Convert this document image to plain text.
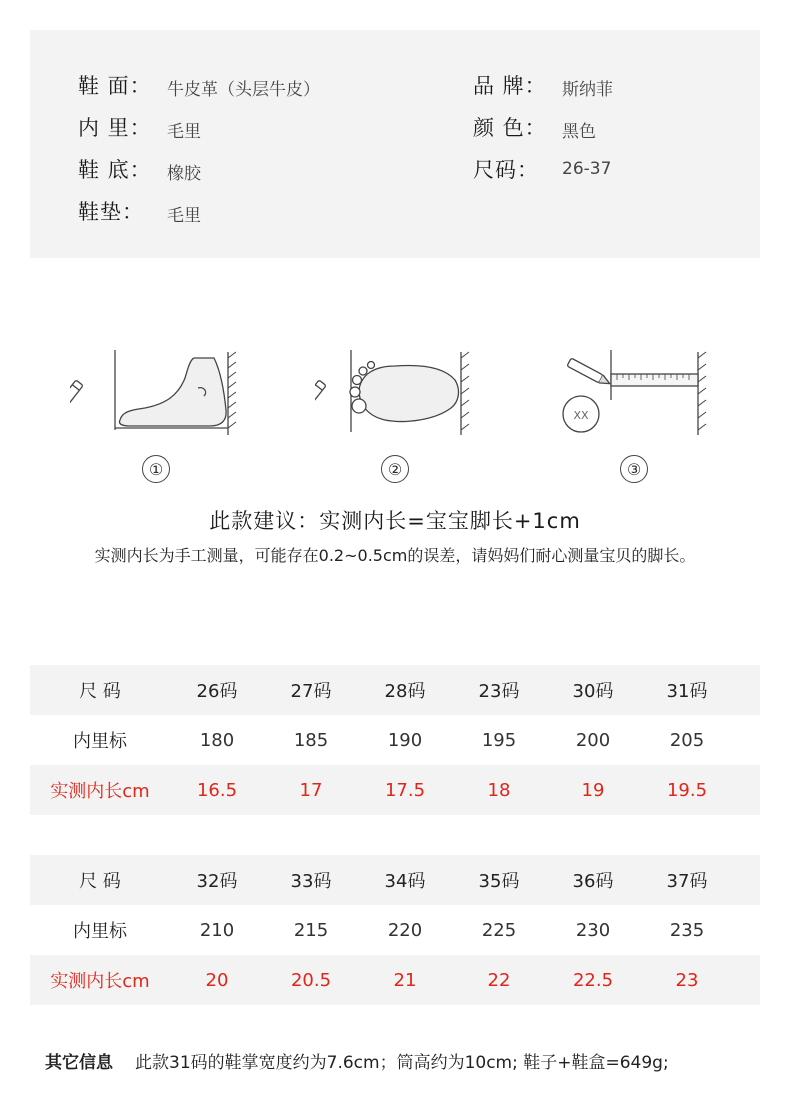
鞋 面： 牛皮革（头层牛皮）	品 牌： 斯纳菲
内 里： 毛里	颜 色： 黑色
鞋 底： 橡胶	尺码： 26-37
鞋垫： 毛里
XX
①	②	③
此款建议：实测内长=宝宝脚长+1cm
实测内长为手工测量，可能存在0.2~0.5cm的误差，请妈妈们耐心测量宝贝的脚长。
尺 码	26码	27码	28码	23码	30码	31码
内里标	180	185	190	195	200	205
实测内长cm	16.5	17	17.5	18	19	19.5
尺 码	32码	33码	34码	35码	36码	37码
内里标	210	215	220	225	230	235
实测内长cm	20	20.5	21	22	22.5	23
其它信息 此款31码的鞋掌宽度约为7.6cm；筒高约为10cm; 鞋子+鞋盒=649g;
